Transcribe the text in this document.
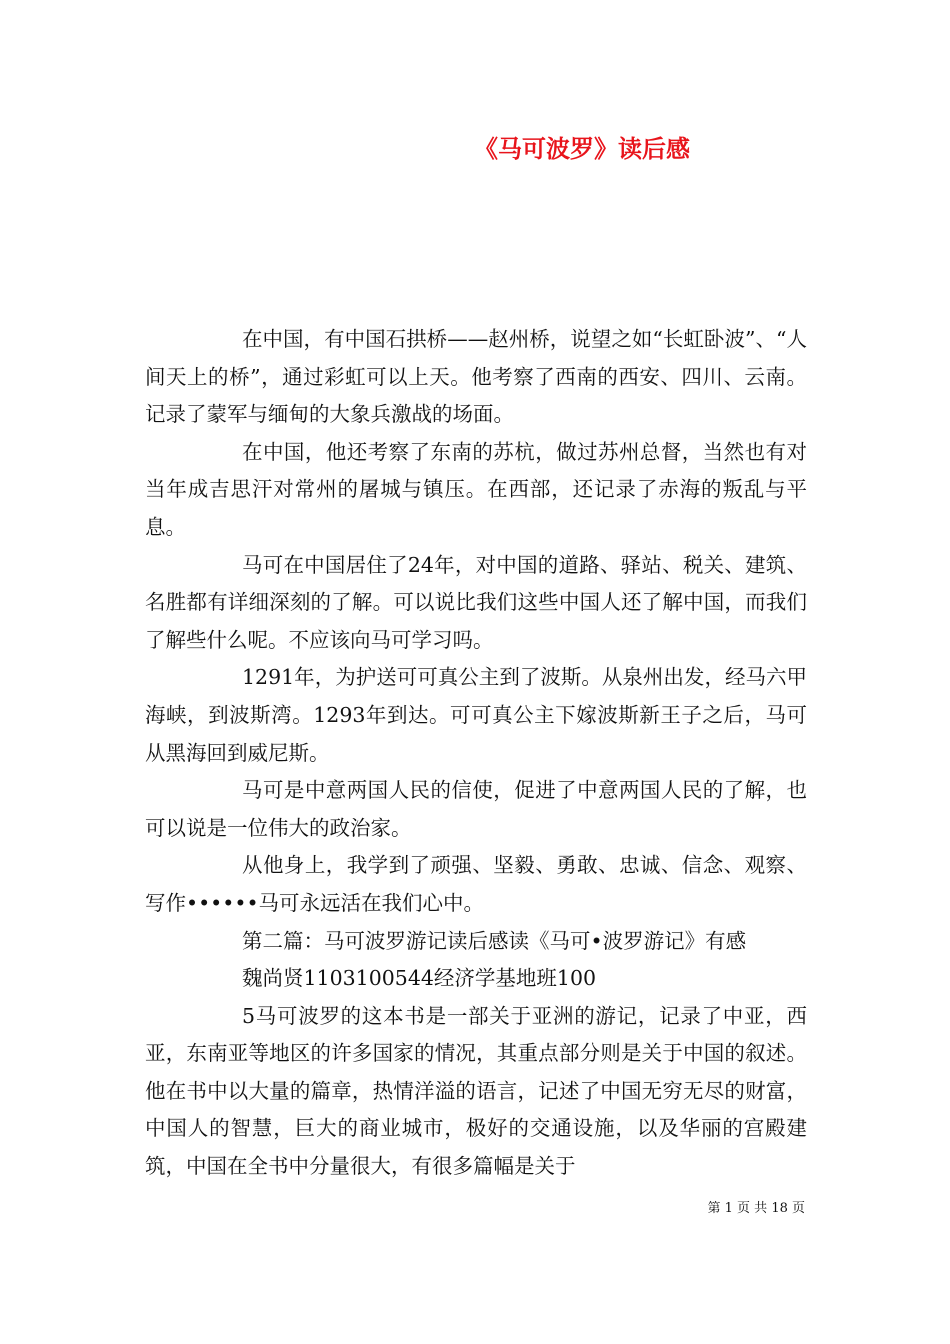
《马可波罗》读后感

在中国，有中国石拱桥——赵州桥，说望之如“长虹卧波”、“人间天上的桥”，通过彩虹可以上天。他考察了西南的西安、四川、云南。记录了蒙军与缅甸的大象兵激战的场面。

在中国，他还考察了东南的苏杭，做过苏州总督，当然也有对当年成吉思汗对常州的屠城与镇压。在西部，还记录了赤海的叛乱与平息。

马可在中国居住了24年，对中国的道路、驿站、税关、建筑、名胜都有详细深刻的了解。可以说比我们这些中国人还了解中国，而我们了解些什么呢。不应该向马可学习吗。

1291年，为护送可可真公主到了波斯。从泉州出发，经马六甲海峡，到波斯湾。1293年到达。可可真公主下嫁波斯新王子之后，马可从黑海回到威尼斯。

马可是中意两国人民的信使，促进了中意两国人民的了解，也可以说是一位伟大的政治家。

从他身上，我学到了顽强、坚毅、勇敢、忠诚、信念、观察、写作••••••马可永远活在我们心中。

第二篇：马可波罗游记读后感读《马可•波罗游记》有感

魏尚贤1103100544经济学基地班100

5马可波罗的这本书是一部关于亚洲的游记，记录了中亚，西亚，东南亚等地区的许多国家的情况，其重点部分则是关于中国的叙述。他在书中以大量的篇章，热情洋溢的语言，记述了中国无穷无尽的财富，中国人的智慧，巨大的商业城市，极好的交通设施，以及华丽的宫殿建筑，中国在全书中分量很大，有很多篇幅是关于

第 1 页 共 18 页
